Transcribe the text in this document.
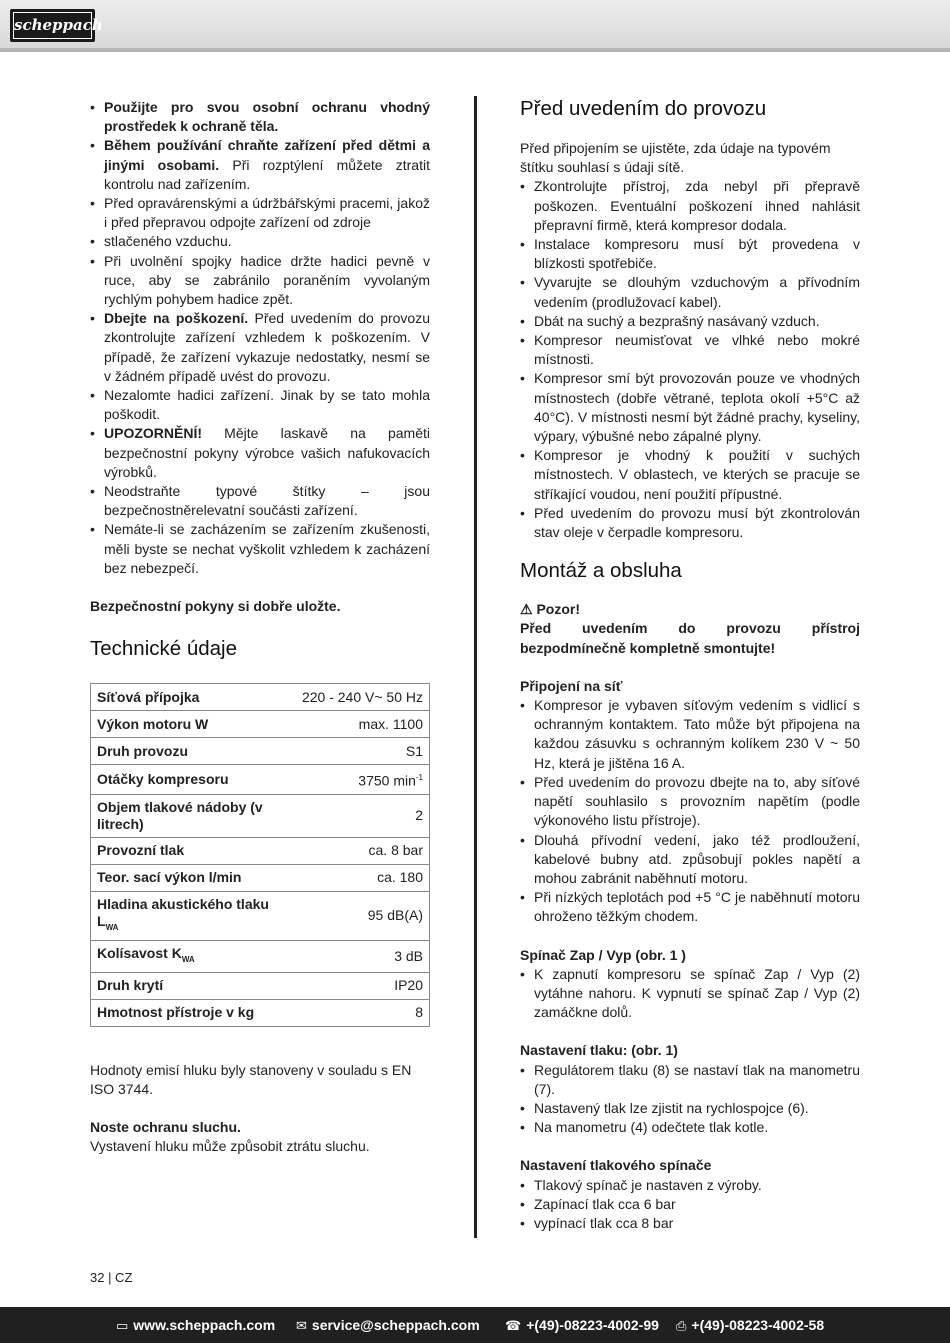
scheppach
• Použijte pro svou osobní ochranu vhodný prostředek k ochraně těla.
• Během používání chraňte zařízení před dětmi a jinými osobami. Při rozptýlení můžete ztratit kontrolu nad zařízením.
• Před opravárenskými a údržbářskými pracemi, jakož i před přepravou odpojte zařízení od zdroje
• stlačeného vzduchu.
• Při uvolnění spojky hadice držte hadici pevně v ruce, aby se zabránilo poraněním vyvolaným rychlým pohybem hadice zpět.
• Dbejte na poškození. Před uvedením do provozu zkontrolujte zařízení vzhledem k poškozením. V případě, že zařízení vykazuje nedostatky, nesmí se v žádném případě uvést do provozu.
• Nezalomte hadici zařízení. Jinak by se tato mohla poškodit.
• UPOZORNĚNÍ! Mějte laskavě na paměti bezpečnostní pokyny výrobce vašich nafukovacích výrobků.
• Neodstraňte typové štítky – jsou bezpečnostněrelevatní součásti zařízení.
• Nemáte-li se zacházením se zařízením zkušenosti, měli byste se nechat vyškolit vzhledem k zacházení bez nebezpečí.

Bezpečnostní pokyny si dobře uložte.

Technické údaje
Síťová přípojka	220 - 240 V~ 50 Hz
Výkon motoru W	max. 1100
Druh provozu	S1
Otáčky kompresoru	3750 $\min^{-1}$
Objem tlakové nádoby (v litrech)	2
Provozní tlak	ca. 8 bar
Teor. sací výkon l/min	ca. 180
Hladina akustického tlaku $L_{WA}$	95 dB(A)
Kolísavost $K_{WA}$	3 dB
Druh krytí	IP20
Hmotnost přístroje v kg	8

Hodnoty emisí hluku byly stanoveny v souladu s EN ISO 3744.

Noste ochranu sluchu.

Vystavení hluku může způsobit ztrátu sluchu.

Před uvedením do provozu

Před připojením se ujistěte, zda údaje na typovém štítku souhlasí s údaji sítě.

• Zkontrolujte přístroj, zda nebyl při přepravě poškozen. Eventuální poškození ihned nahlásit přepravní firmě, která kompresor dodala.
• Instalace kompresoru musí být provedena v blízkosti spotřebiče.
• Vyvarujte se dlouhým vzduchovým a přívodním vedením (prodlužovací kabel).
• Dbát na suchý a bezprašný nasávaný vzduch.
• Kompresor neumisťovat ve vlhké nebo mokré místnosti.
• Kompresor smí být provozován pouze ve vhodných místnostech (dobře větrané, teplota okolí +5°C až 40°C). V místnosti nesmí být žádné prachy, kyseliny, výpary, výbušné nebo zápalné plyny.
• Kompresor je vhodný k použití v suchých místnostech. V oblastech, ve kterých se pracuje se stříkající voudou, není použití přípustné.
• Před uvedením do provozu musí být zkontrolován stav oleje v čerpadle kompresoru.
Montáž a obsluha

⚠ Pozor!

Před uvedením do provozu přístroj bezpodmínečně kompletně smontujte!

Připojení na síť

• Kompresor je vybaven síťovým vedením s vidlicí s ochranným kontaktem. Tato může být připojena na každou zásuvku s ochranným kolíkem 230 V ~ 50 Hz, která je jištěna 16 A.
• Před uvedením do provozu dbejte na to, aby síťové napětí souhlasilo s provozním napětím (podle výkonového listu přístroje).
• Dlouhá přívodní vedení, jako též prodloužení, kabelové bubny atd. způsobují pokles napětí a mohou zabránit naběhnutí motoru.
• Při nízkých teplotách pod +5 °C je naběhnutí motoru ohroženo těžkým chodem.

Spínač Zap / Vyp (obr. 1 )

• K zapnutí kompresoru se spínač Zap / Vyp (2) vytáhne nahoru. K vypnutí se spínač Zap / Vyp (2) zamáčkne dolů.

Nastavení tlaku: (obr. 1)

• Regulátorem tlaku (8) se nastaví tlak na manometru (7).
• Nastavený tlak lze zjistit na rychlospojce (6).
• Na manometru (4) odečtete tlak kotle.

Nastavení tlakového spínače

• Tlakový spínač je nastaven z výroby.
• Zapínací tlak cca 6 bar
• vypínací tlak cca 8 bar
32 | CZ
▭ www.scheppach.com ✉ service@scheppach.com ☎ +(49)-08223-4002-99 ⎙ +(49)-08223-4002-58
